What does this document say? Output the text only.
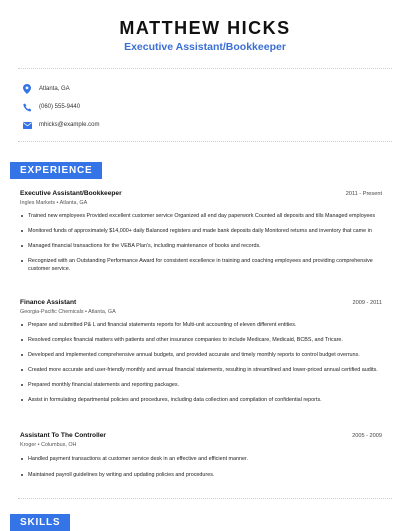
MATTHEW HICKS
Executive Assistant/Bookkeeper
Atlanta, GA
(060) 555-9440
mhicks@example.com
EXPERIENCE
Executive Assistant/Bookkeeper	2011 - Present
Ingles Markets • Atlanta, GA
Trained new employees Provided excellent customer service Organized all end day paperwork Counted all deposits and tills Managed employees
Monitored funds of approximately $14,000+ daily Balanced registers and made bank deposits daily Monitored returns and inventory that came in
Managed financial transactions for the VEBA Plan's, including maintenance of books and records.
Recognized with an Outstanding Performance Award for consistent excellence in training and coaching employees and providing comprehensive customer service.
Finance Assistant	2009 - 2011
Georgia-Pacific Chemicals • Atlanta, GA
Prepare and submitted P& L and financial statements reports for Multi-unit accounting of eleven different entities.
Resolved complex financial matters with patients and other insurance companies to include Medicare, Medicaid, BCBS, and Tricare.
Developed and implemented comprehensive annual budgets, and provided accurate and timely monthly reports to control budget overruns.
Created more accurate and user-friendly monthly and annual financial statements, resulting in streamlined and lower-priced annual certified audits.
Prepared monthly financial statements and reporting packages.
Assist in formulating departmental policies and procedures, including data collection and compilation of confidential reports.
Assistant To The Controller	2005 - 2009
Kroger • Columbus, OH
Handled payment transactions at customer service desk in an effective and efficient manner.
Maintained payroll guidelines by writing and updating policies and procedures.
SKILLS
